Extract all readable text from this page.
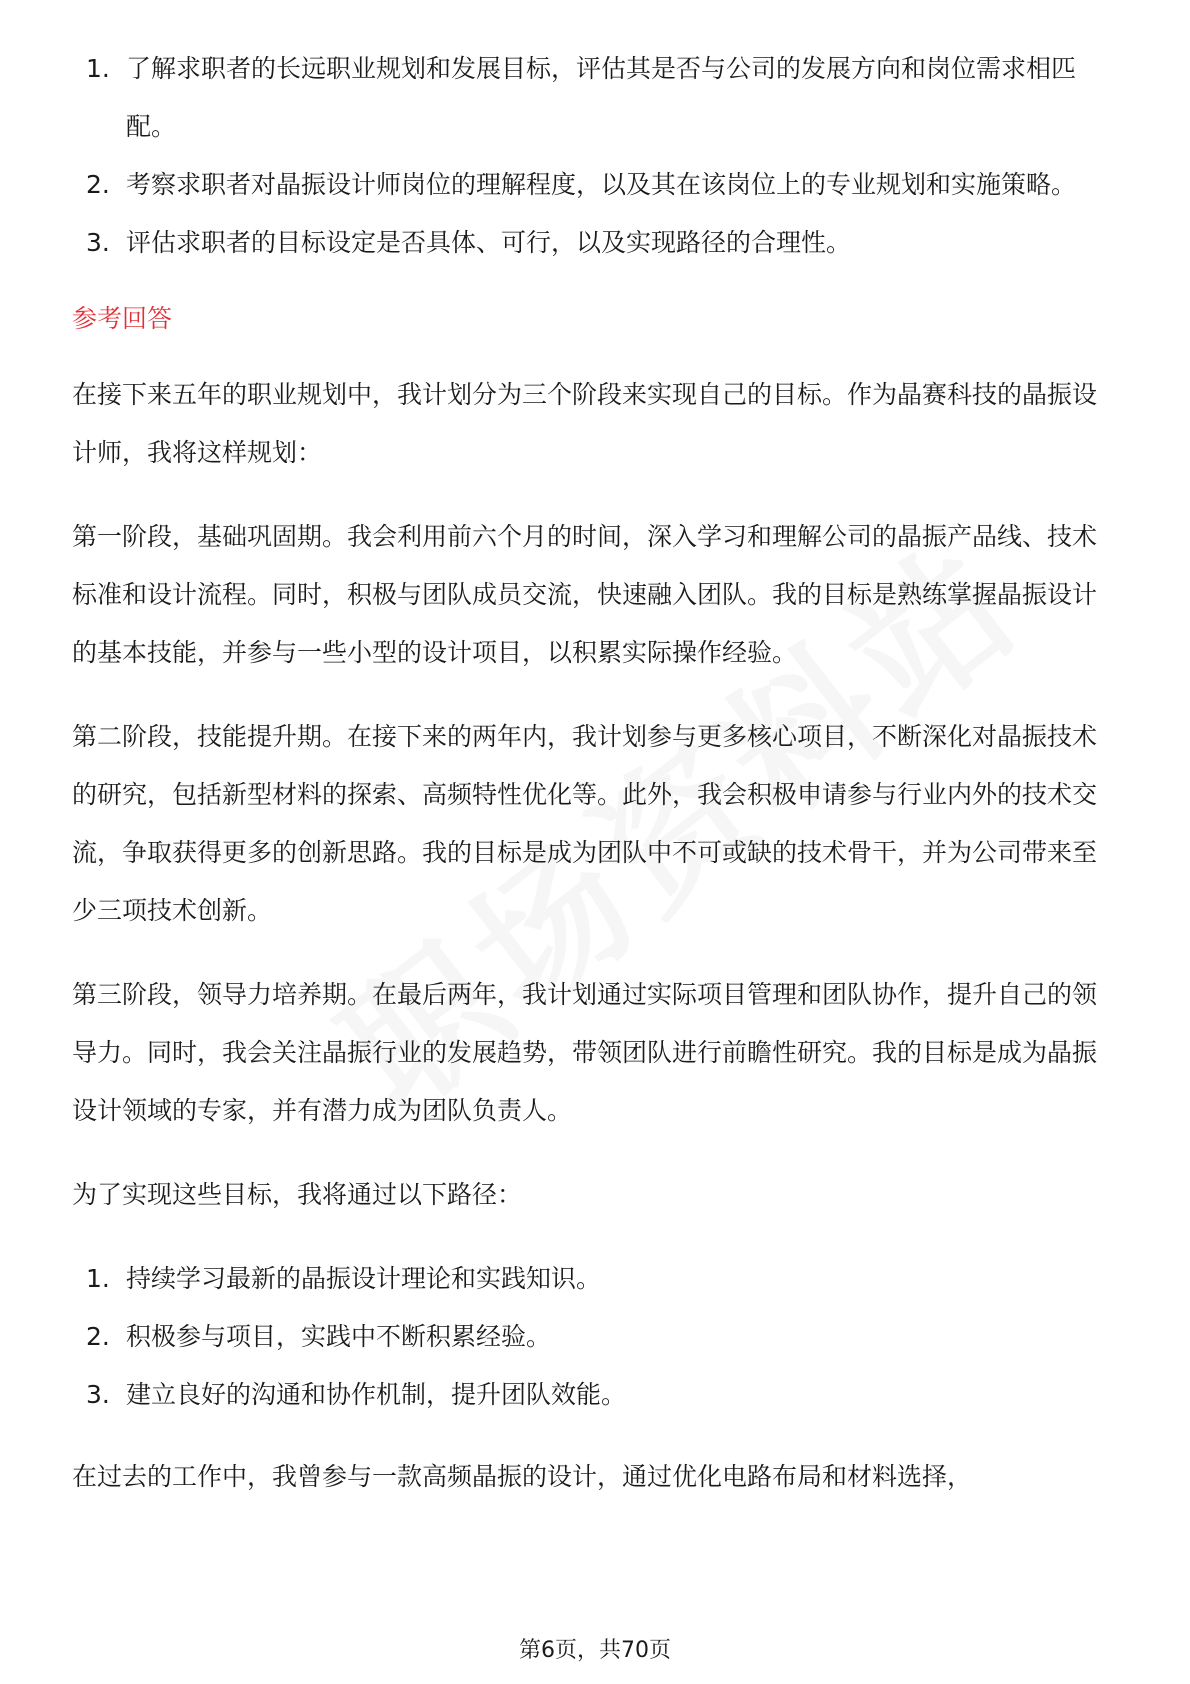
1. 了解求职者的长远职业规划和发展目标，评估其是否与公司的发展方向和岗位需求相匹配。
2. 考察求职者对晶振设计师岗位的理解程度，以及其在该岗位上的专业规划和实施策略。
3. 评估求职者的目标设定是否具体、可行，以及实现路径的合理性。
参考回答

在接下来五年的职业规划中，我计划分为三个阶段来实现自己的目标。作为晶赛科技的晶振设计师，我将这样规划：

第一阶段，基础巩固期。我会利用前六个月的时间，深入学习和理解公司的晶振产品线、技术标准和设计流程。同时，积极与团队成员交流，快速融入团队。我的目标是熟练掌握晶振设计的基本技能，并参与一些小型的设计项目，以积累实际操作经验。

第二阶段，技能提升期。在接下来的两年内，我计划参与更多核心项目，不断深化对晶振技术的研究，包括新型材料的探索、高频特性优化等。此外，我会积极申请参与行业内外的技术交流，争取获得更多的创新思路。我的目标是成为团队中不可或缺的技术骨干，并为公司带来至少三项技术创新。

第三阶段，领导力培养期。在最后两年，我计划通过实际项目管理和团队协作，提升自己的领导力。同时，我会关注晶振行业的发展趋势，带领团队进行前瞻性研究。我的目标是成为晶振设计领域的专家，并有潜力成为团队负责人。

为了实现这些目标，我将通过以下路径：

1. 持续学习最新的晶振设计理论和实践知识。
2. 积极参与项目，实践中不断积累经验。
3. 建立良好的沟通和协作机制，提升团队效能。

在过去的工作中，我曾参与一款高频晶振的设计，通过优化电路布局和材料选择，

第6页，共70页
